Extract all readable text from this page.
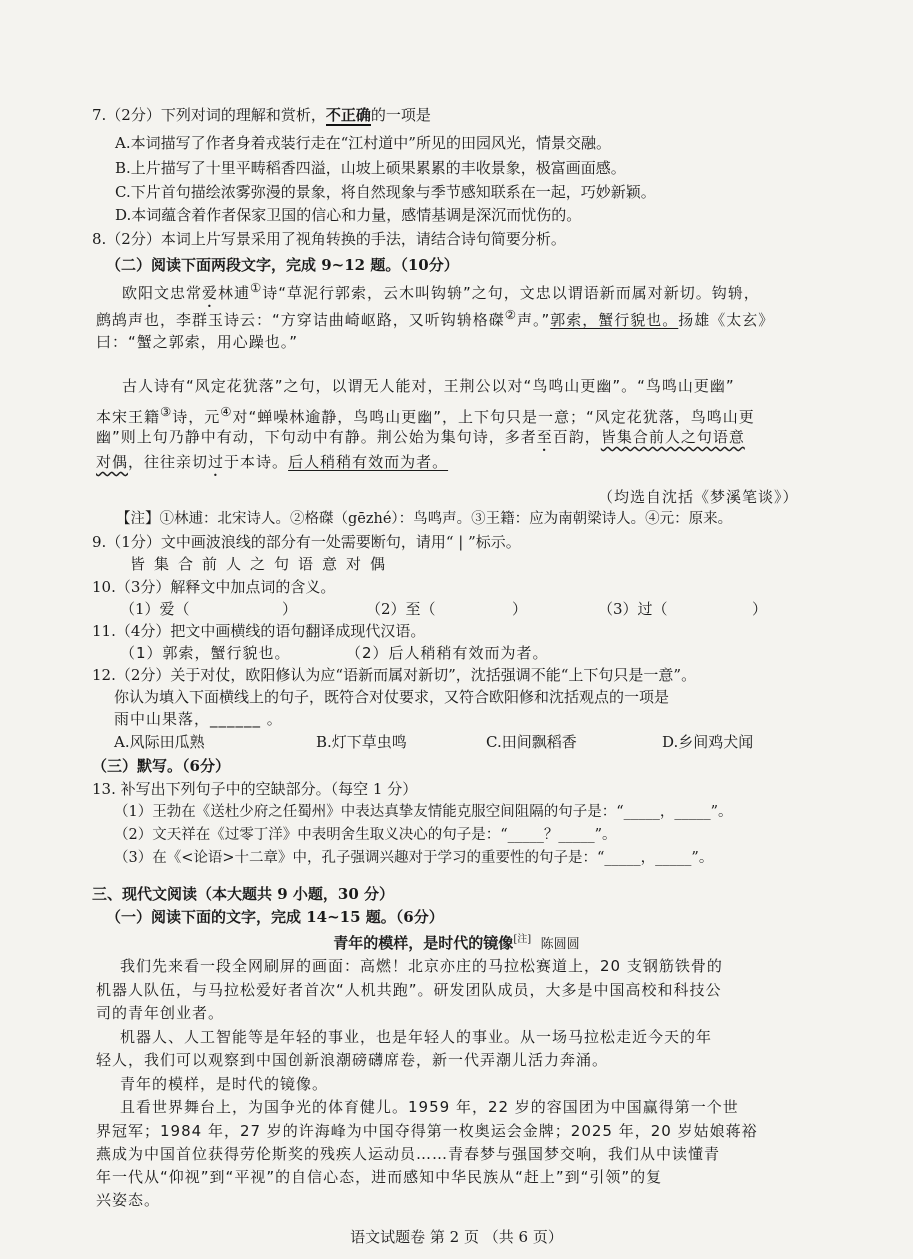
7.（2分）下列对词的理解和赏析，不正确的一项是
A.本词描写了作者身着戎装行走在“江村道中”所见的田园风光，情景交融。
B.上片描写了十里平畴稻香四溢，山坡上硕果累累的丰收景象，极富画面感。
C.下片首句描绘浓雾弥漫的景象，将自然现象与季节感知联系在一起，巧妙新颖。
D.本词蕴含着作者保家卫国的信心和力量，感情基调是深沉而忧伤的。
8.（2分）本词上片写景采用了视角转换的手法，请结合诗句简要分析。
（二）阅读下面两段文字，完成 9~12 题。（10分）
欧阳文忠常爱林逋①诗“草泥行郭索，云木叫钩辀”之句，文忠以谓语新而属对新切。钩辀，
鹧鸪声也，李群玉诗云：“方穿诘曲崎岖路，又听钩辀格磔②声。”郭索，蟹行貌也。扬雄《太玄》
曰：“蟹之郭索，用心躁也。”
古人诗有“风定花犹落”之句，以谓无人能对，王荆公以对“鸟鸣山更幽”。“鸟鸣山更幽”
本宋王籍③诗，元④对“蝉噪林逾静，鸟鸣山更幽”，上下句只是一意；“风定花犹落，鸟鸣山更
幽”则上句乃静中有动，下句动中有静。荆公始为集句诗，多者至百韵，皆集合前人之句语意
对偶，往往亲切过于本诗。后人稍稍有效而为者。
（均选自沈括《梦溪笔谈》）
【注】①林逋：北宋诗人。②格磔（gēzhé）：鸟鸣声。③王籍：应为南朝梁诗人。④元：原来。
9.（1分）文中画波浪线的部分有一处需要断句，请用“ | ”标示。
皆集合前人之句语意对偶
10.（3分）解释文中加点词的含义。
（1）爱（	）	（2）至（	）	（3）过（	）
11.（4分）把文中画横线的语句翻译成现代汉语。
（1）郭索，蟹行貌也。	（2）后人稍稍有效而为者。
12.（2分）关于对仗，欧阳修认为应“语新而属对新切”，沈括强调不能“上下句只是一意”。
你认为填入下面横线上的句子，既符合对仗要求，又符合欧阳修和沈括观点的一项是
雨中山果落，______ 。
A.风际田瓜熟	B.灯下草虫鸣	C.田间飘稻香	D.乡间鸡犬闻
（三）默写。（6分）
13. 补写出下列句子中的空缺部分。（每空 1 分）
（1）王勃在《送杜少府之任蜀州》中表达真挚友情能克服空间阻隔的句子是：“_____，_____”。
（2）文天祥在《过零丁洋》中表明舍生取义决心的句子是：“_____？_____”。
（3）在《<论语>十二章》中，孔子强调兴趣对于学习的重要性的句子是：“_____，_____”。
三、现代文阅读（本大题共 9 小题，30 分）
（一）阅读下面的文字，完成 14~15 题。（6分）
青年的模样，是时代的镜像[注] 陈圆圆
我们先来看一段全网刷屏的画面：高燃！北京亦庄的马拉松赛道上，20 支钢筋铁骨的
机器人队伍，与马拉松爱好者首次“人机共跑”。研发团队成员，大多是中国高校和科技公
司的青年创业者。
机器人、人工智能等是年轻的事业，也是年轻人的事业。从一场马拉松走近今天的年
轻人，我们可以观察到中国创新浪潮磅礴席卷，新一代弄潮儿活力奔涌。
青年的模样，是时代的镜像。
且看世界舞台上，为国争光的体育健儿。1959 年，22 岁的容国团为中国赢得第一个世
界冠军；1984 年，27 岁的许海峰为中国夺得第一枚奥运会金牌；2025 年，20 岁姑娘蒋裕
燕成为中国首位获得劳伦斯奖的残疾人运动员……青春梦与强国梦交响，我们从中读懂青
年一代从“仰视”到“平视”的自信心态，进而感知中华民族从“赶上”到“引领”的复
兴姿态。
语文试题卷 第 2 页 （共 6 页）
